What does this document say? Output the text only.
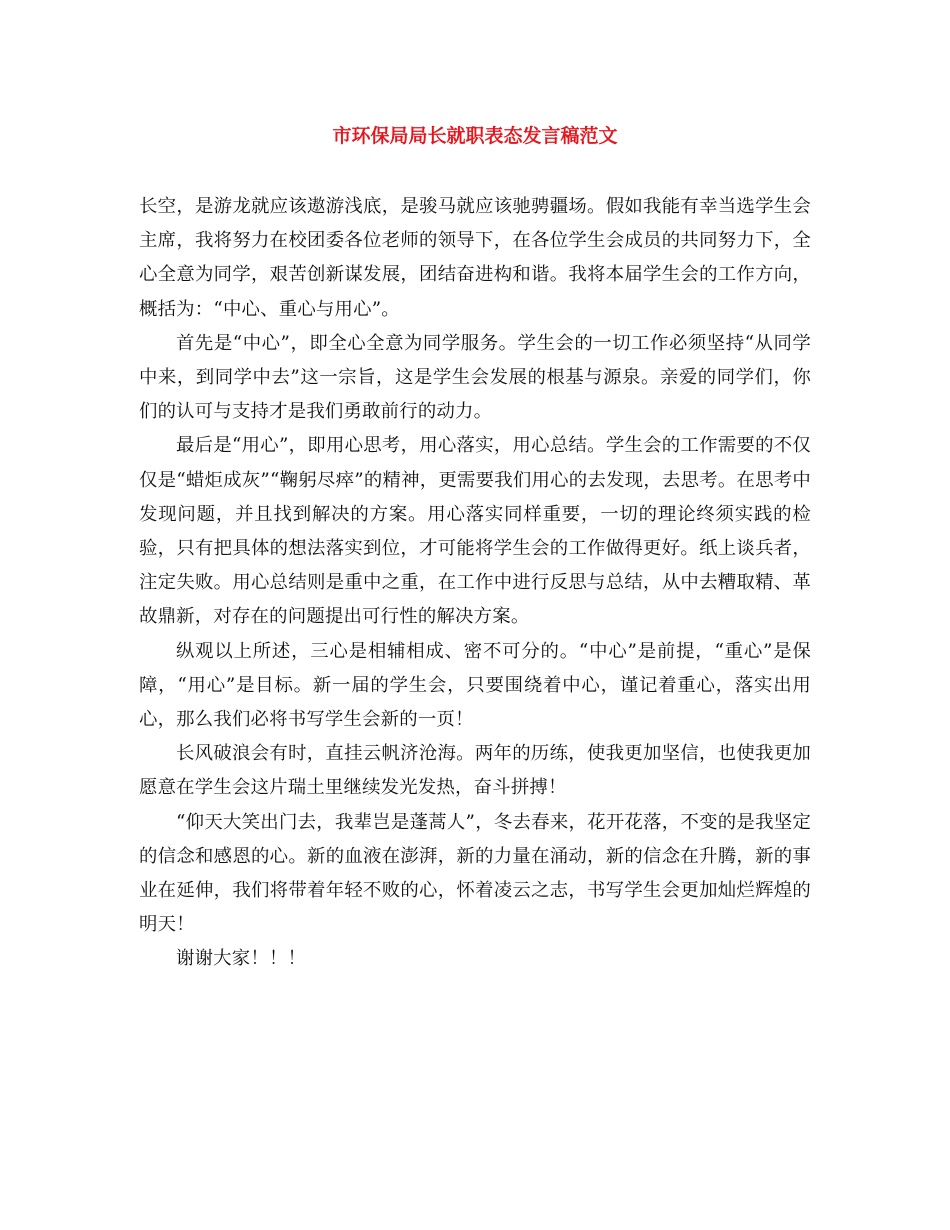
市环保局局长就职表态发言稿范文

长空，是游龙就应该遨游浅底，是骏马就应该驰骋疆场。假如我能有幸当选学生会主席，我将努力在校团委各位老师的领导下，在各位学生会成员的共同努力下，全心全意为同学，艰苦创新谋发展，团结奋进构和谐。我将本届学生会的工作方向，概括为：“中心、重心与用心”。

首先是“中心”，即全心全意为同学服务。学生会的一切工作必须坚持“从同学中来，到同学中去”这一宗旨，这是学生会发展的根基与源泉。亲爱的同学们，你们的认可与支持才是我们勇敢前行的动力。

最后是“用心”，即用心思考，用心落实，用心总结。学生会的工作需要的不仅仅是“蜡炬成灰”“鞠躬尽瘁”的精神，更需要我们用心的去发现，去思考。在思考中发现问题，并且找到解决的方案。用心落实同样重要，一切的理论终须实践的检验，只有把具体的想法落实到位，才可能将学生会的工作做得更好。纸上谈兵者，注定失败。用心总结则是重中之重，在工作中进行反思与总结，从中去糟取精、革故鼎新，对存在的问题提出可行性的解决方案。

纵观以上所述，三心是相辅相成、密不可分的。“中心”是前提，“重心”是保障，“用心”是目标。新一届的学生会，只要围绕着中心，谨记着重心，落实出用心，那么我们必将书写学生会新的一页！

长风破浪会有时，直挂云帆济沧海。两年的历练，使我更加坚信，也使我更加愿意在学生会这片瑞土里继续发光发热，奋斗拼搏！

“仰天大笑出门去，我辈岂是蓬蒿人”，冬去春来，花开花落，不变的是我坚定的信念和感恩的心。新的血液在澎湃，新的力量在涌动，新的信念在升腾，新的事业在延伸，我们将带着年轻不败的心，怀着凌云之志，书写学生会更加灿烂辉煌的明天！

谢谢大家！！！
